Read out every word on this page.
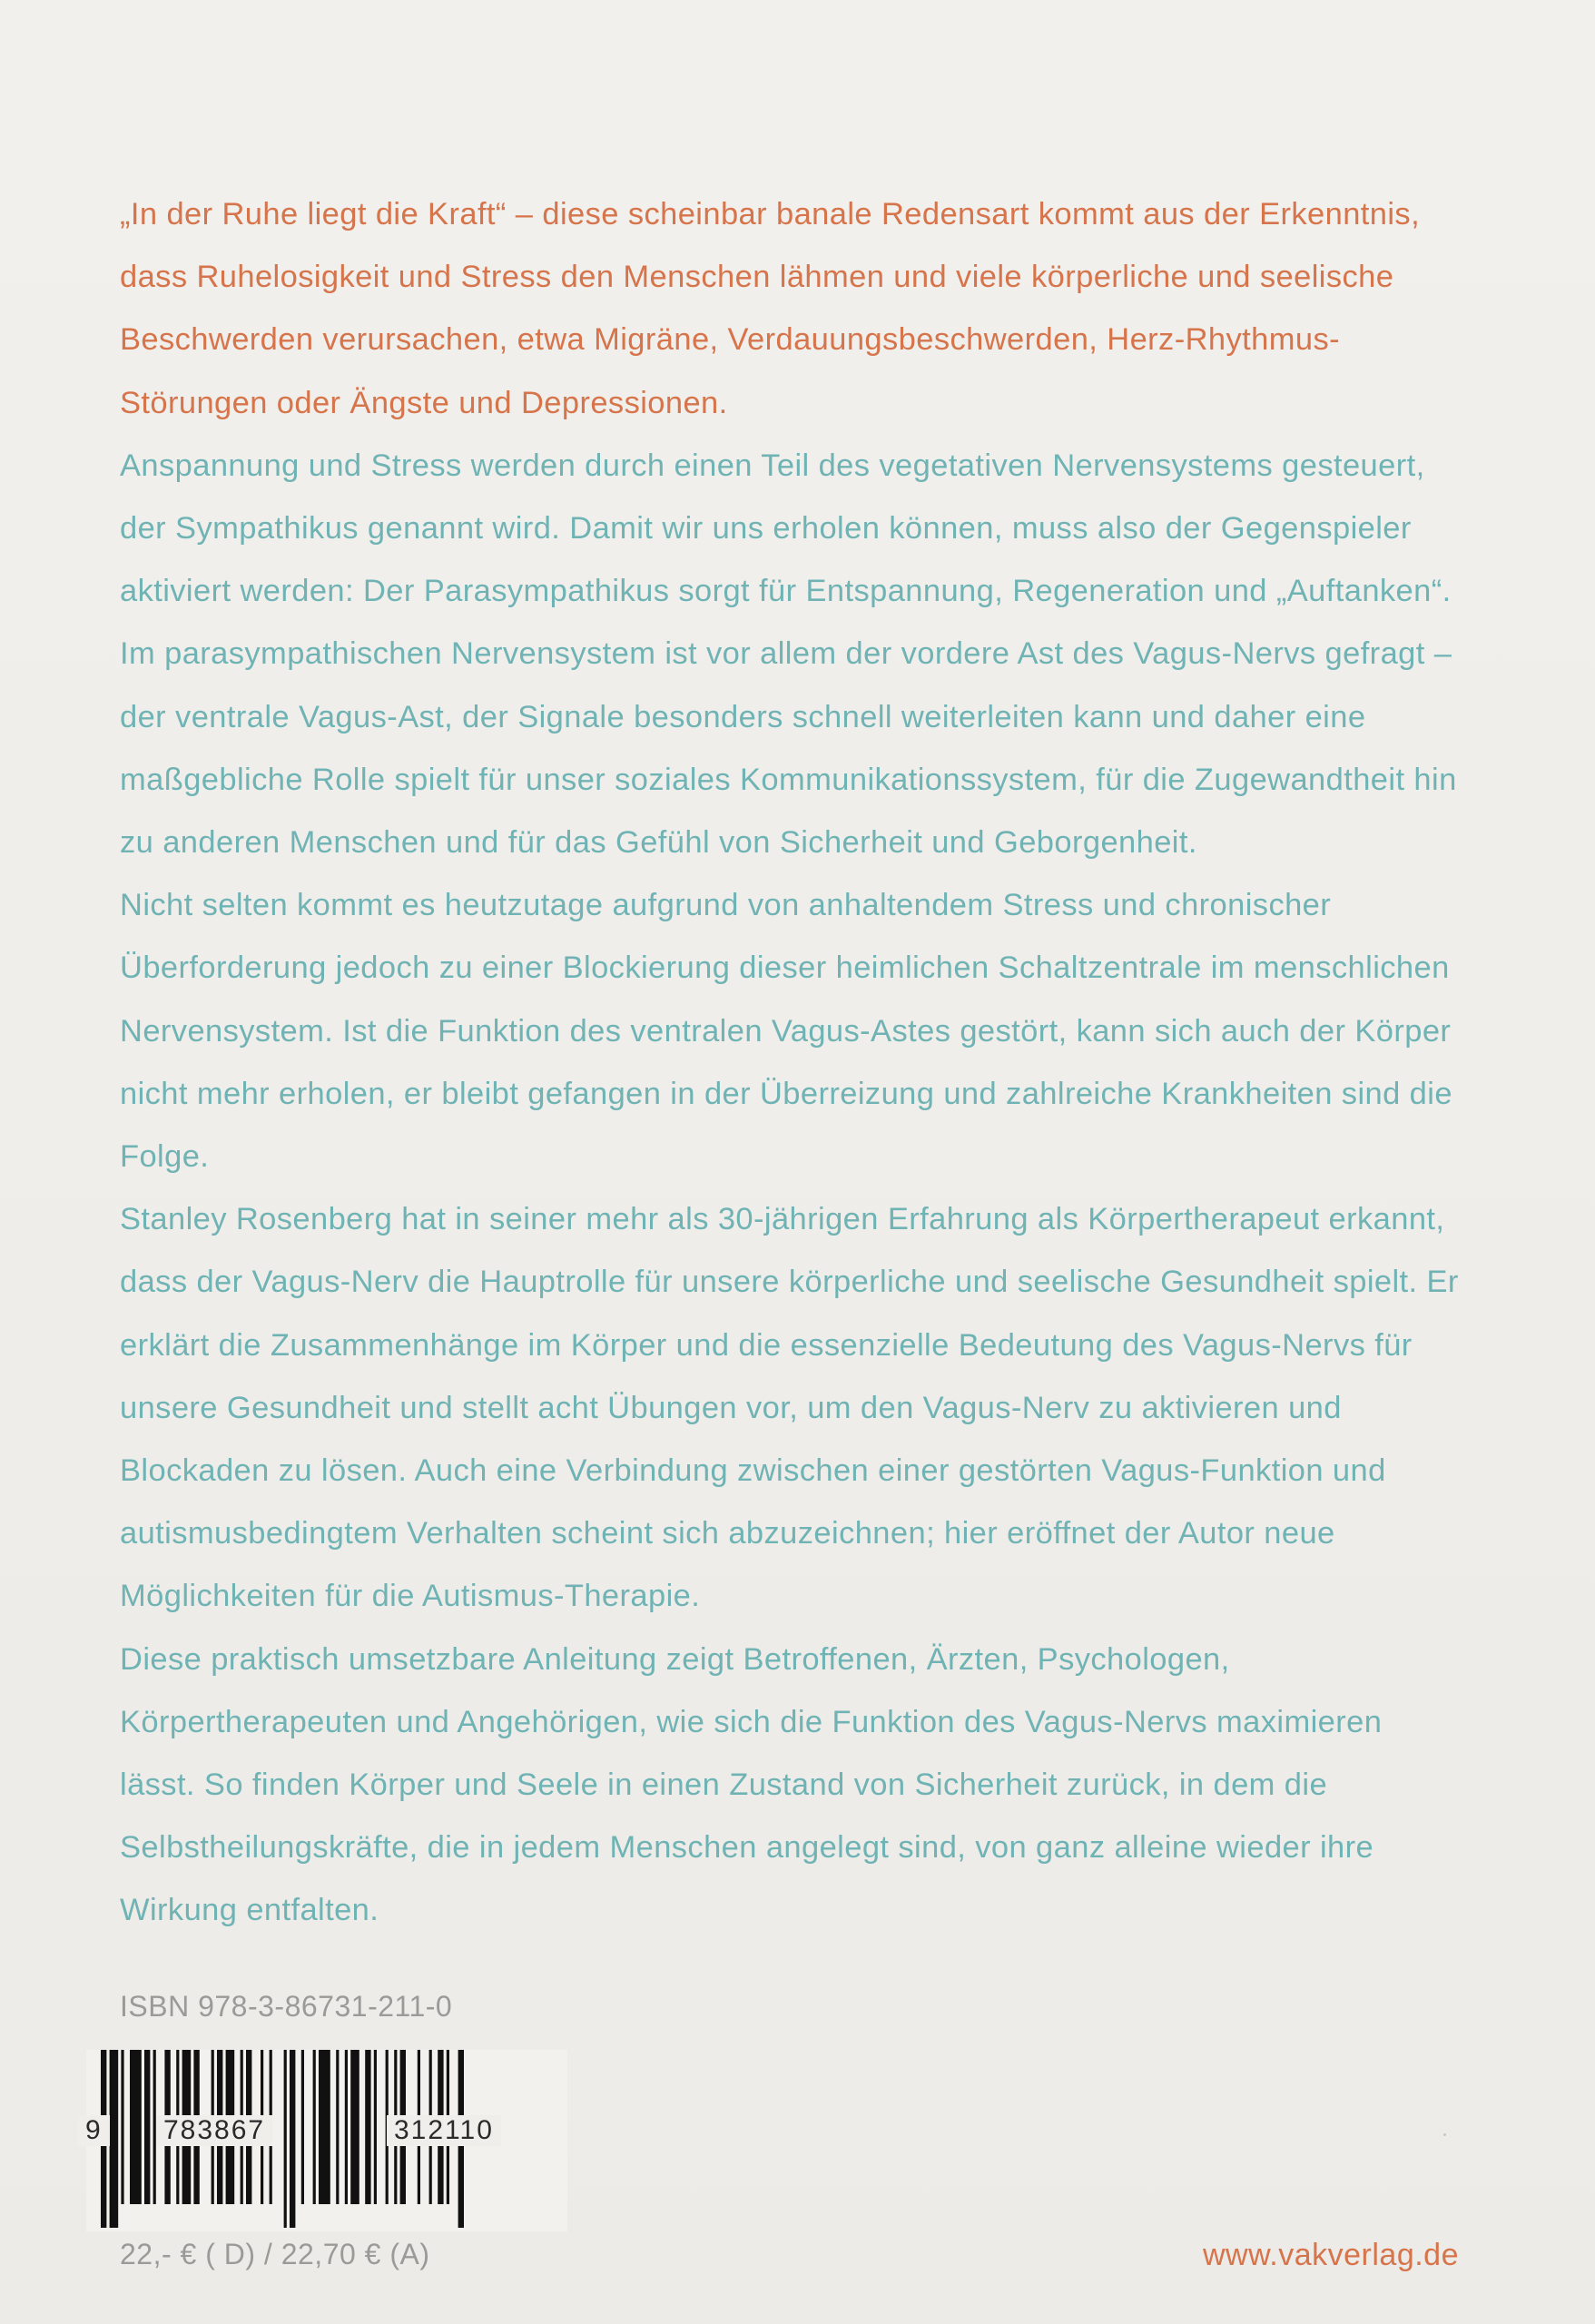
„In der Ruhe liegt die Kraft“ – diese scheinbar banale Redensart kommt aus der Erkenntnis, dass Ruhelosigkeit und Stress den Menschen lähmen und viele körperliche und seelische Beschwerden verursachen, etwa Migräne, Verdauungsbeschwerden, Herz-Rhythmus-Störungen oder Ängste und Depressionen.

Anspannung und Stress werden durch einen Teil des vegetativen Nervensystems gesteuert, der Sympathikus genannt wird. Damit wir uns erholen können, muss also der Gegenspieler aktiviert werden: Der Parasympathikus sorgt für Entspannung, Regeneration und „Auftanken“. Im parasympathischen Nervensystem ist vor allem der vordere Ast des Vagus-Nervs gefragt – der ventrale Vagus-Ast, der Signale besonders schnell weiterleiten kann und daher eine maßgebliche Rolle spielt für unser soziales Kommunikationssystem, für die Zugewandtheit hin zu anderen Menschen und für das Gefühl von Sicherheit und Geborgenheit.

Nicht selten kommt es heutzutage aufgrund von anhaltendem Stress und chronischer Überforderung jedoch zu einer Blockierung dieser heimlichen Schaltzentrale im menschlichen Nervensystem. Ist die Funktion des ventralen Vagus-Astes gestört, kann sich auch der Körper nicht mehr erholen, er bleibt gefangen in der Überreizung und zahlreiche Krankheiten sind die Folge.

Stanley Rosenberg hat in seiner mehr als 30-jährigen Erfahrung als Körpertherapeut erkannt, dass der Vagus-Nerv die Hauptrolle für unsere körperliche und seelische Gesundheit spielt. Er erklärt die Zusammenhänge im Körper und die essenzielle Bedeutung des Vagus-Nervs für unsere Gesundheit und stellt acht Übungen vor, um den Vagus-Nerv zu aktivieren und Blockaden zu lösen. Auch eine Verbindung zwischen einer gestörten Vagus-Funktion und autismusbedingtem Verhalten scheint sich abzuzeichnen; hier eröffnet der Autor neue Möglichkeiten für die Autismus-Therapie.

Diese praktisch umsetzbare Anleitung zeigt Betroffenen, Ärzten, Psychologen, Körpertherapeuten und Angehörigen, wie sich die Funktion des Vagus-Nervs maximieren lässt. So finden Körper und Seele in einen Zustand von Sicherheit zurück, in dem die Selbstheilungskräfte, die in jedem Menschen angelegt sind, von ganz alleine wieder ihre Wirkung entfalten.

ISBN 978-3-86731-211-0
9 783867	312110
22,- € ( D) / 22,70 € (A)	www.vakverlag.de
